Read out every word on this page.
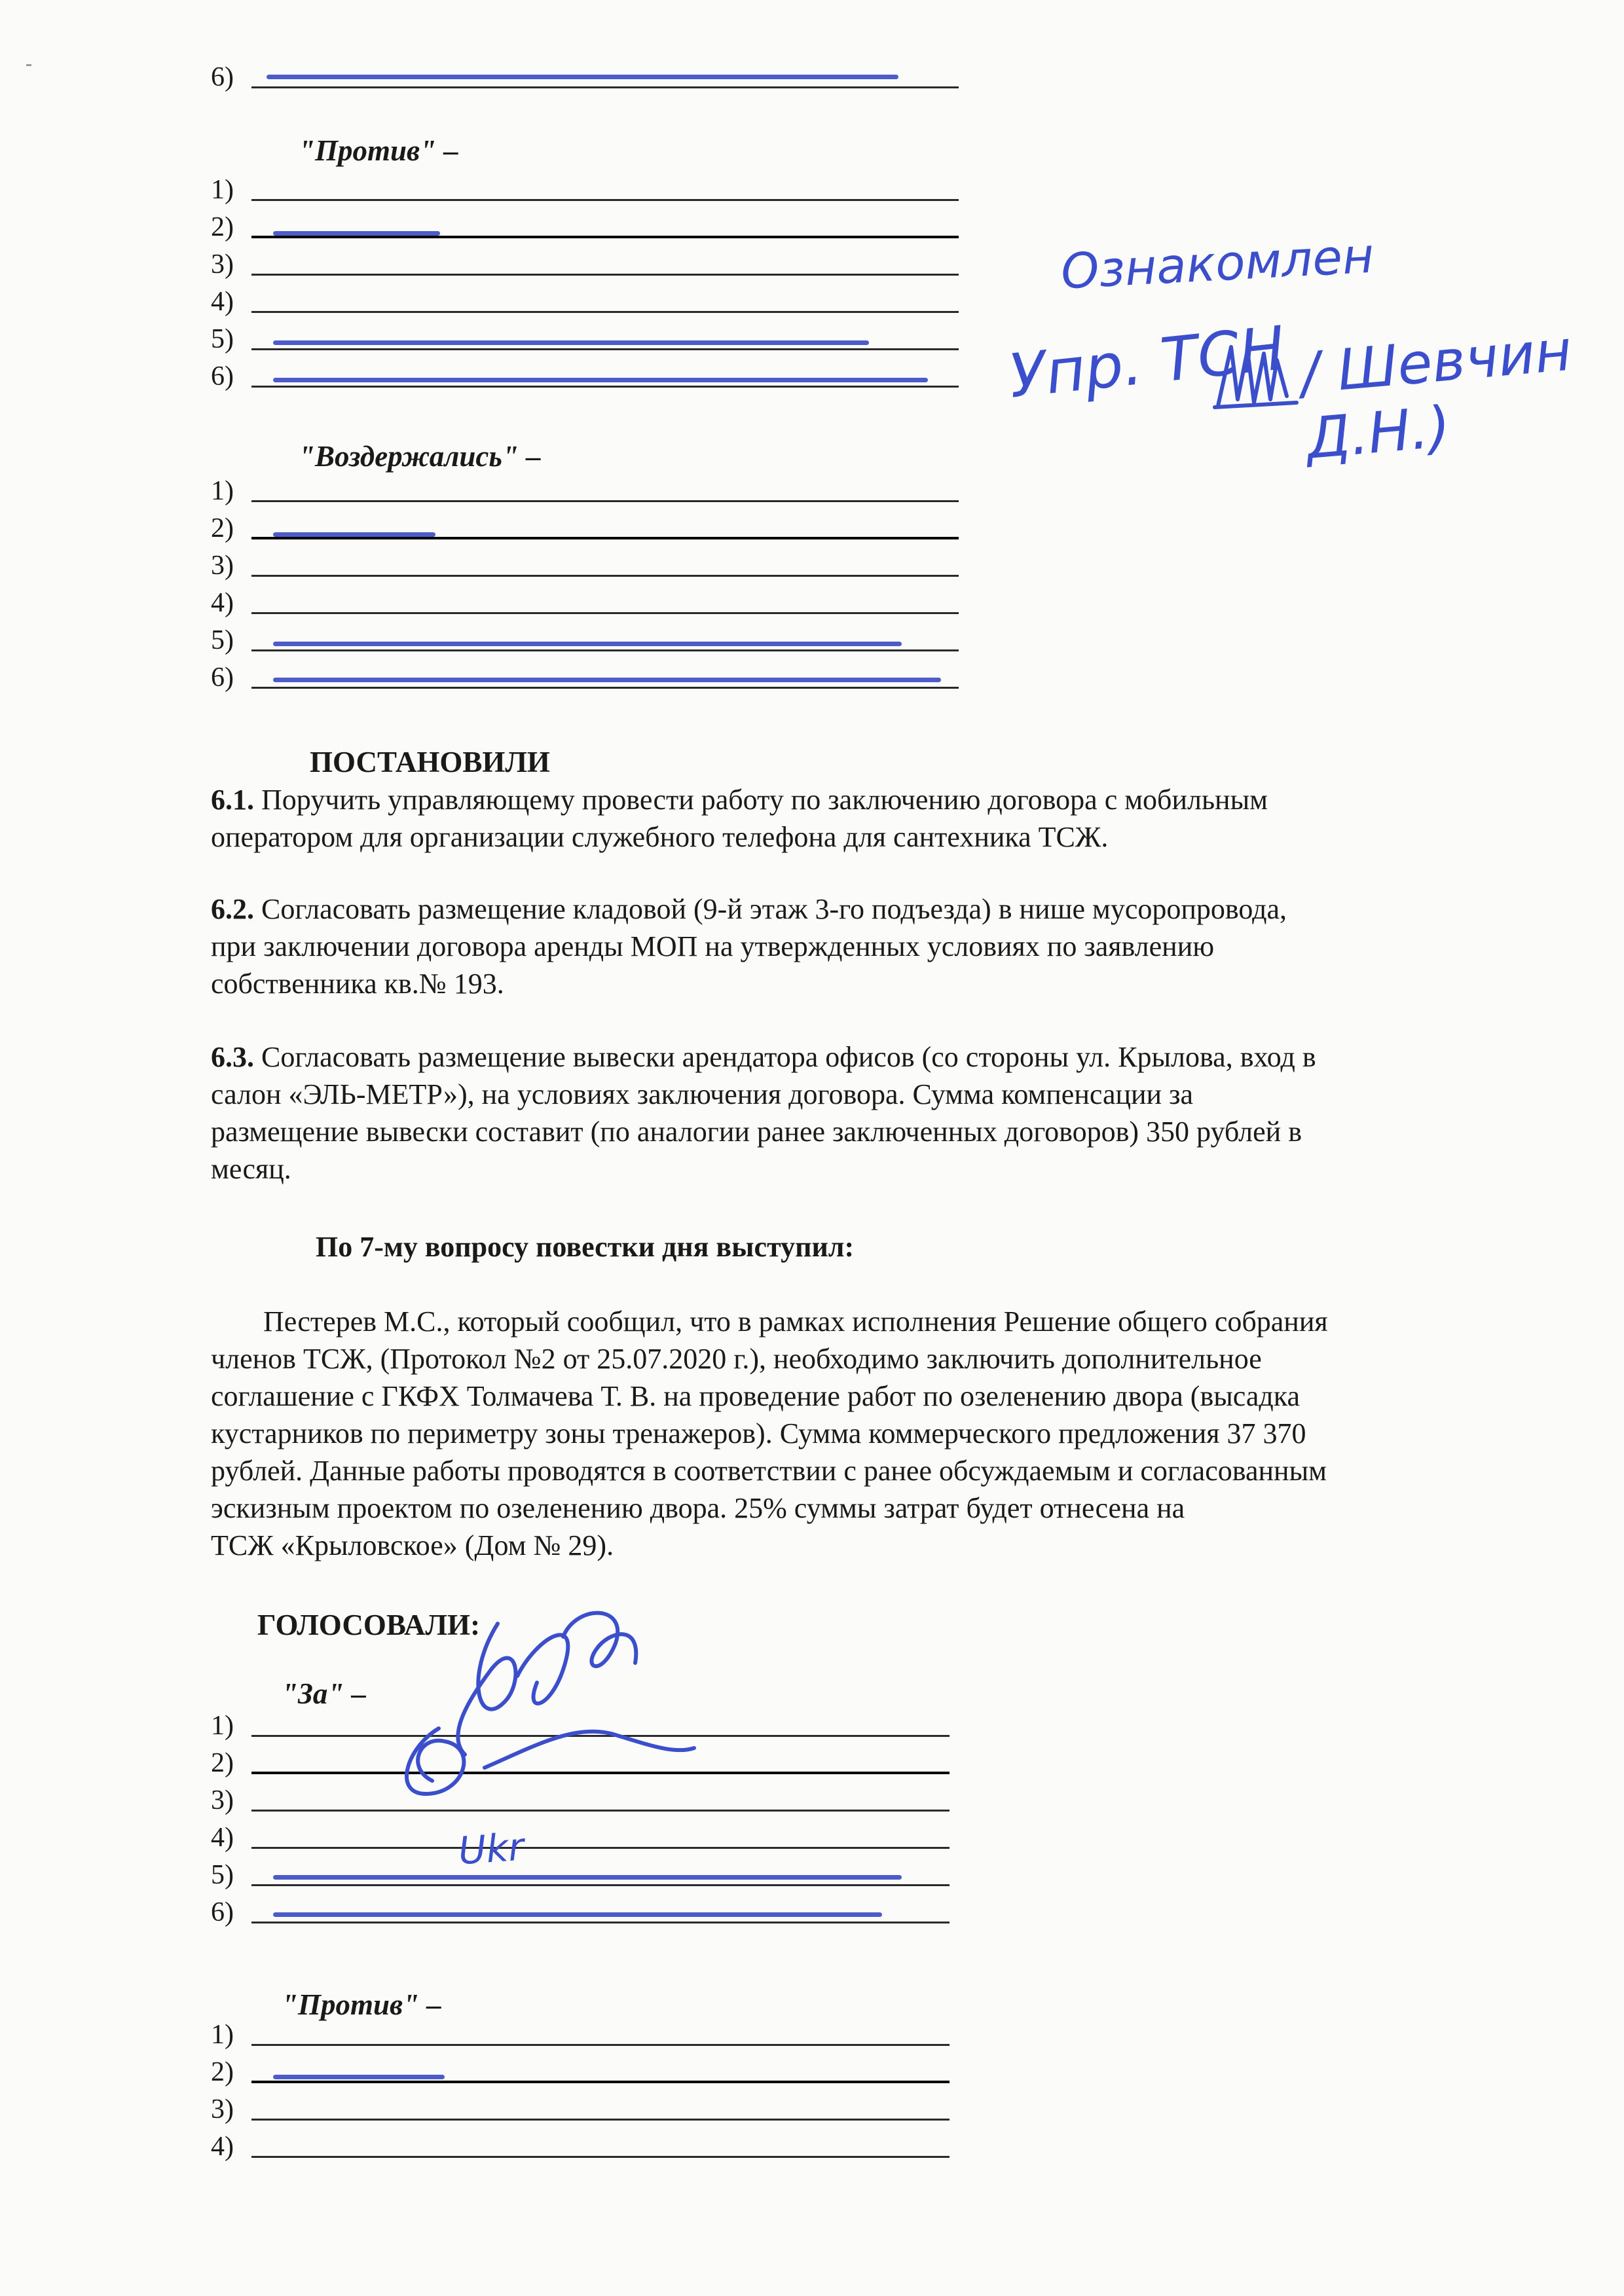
6)
"Против" –
1)
2)
3)
4)
5)
6)
"Воздержались" –
1)
2)
3)
4)
5)
6)
Ознакомлен
Упр. ТСН / Шевчин Д.Н.)
ПОСТАНОВИЛИ
6.1. Поручить управляющему провести работу по заключению договора с мобильным
оператором для организации служебного телефона для сантехника ТСЖ.
6.2. Согласовать размещение кладовой (9-й этаж 3-го подъезда) в нише мусоропровода,
при заключении договора аренды МОП на утвержденных условиях по заявлению
собственника кв.№ 193.
6.3. Согласовать размещение вывески арендатора офисов (со стороны ул. Крылова, вход в
салон «ЭЛЬ-МЕТР»), на условиях заключения договора. Сумма компенсации за
размещение вывески составит (по аналогии ранее заключенных договоров) 350 рублей в
месяц.
По 7-му вопросу повестки дня выступил:
Пестерев М.С., который сообщил, что в рамках исполнения Решение общего собрания
членов ТСЖ, (Протокол №2 от 25.07.2020 г.), необходимо заключить дополнительное
соглашение с ГКФХ Толмачева Т. В. на проведение работ по озеленению двора (высадка
кустарников по периметру зоны тренажеров). Сумма коммерческого предложения 37 370
рублей. Данные работы проводятся в соответствии с ранее обсуждаемым и согласованным
эскизным проектом по озеленению двора. 25% суммы затрат будет отнесена на
ТСЖ «Крыловское» (Дом № 29).
ГОЛОСОВАЛИ:
"За" –
1)
2)
3)
4)
5)
6)
Ukr
"Против" –
1)
2)
3)
4)
